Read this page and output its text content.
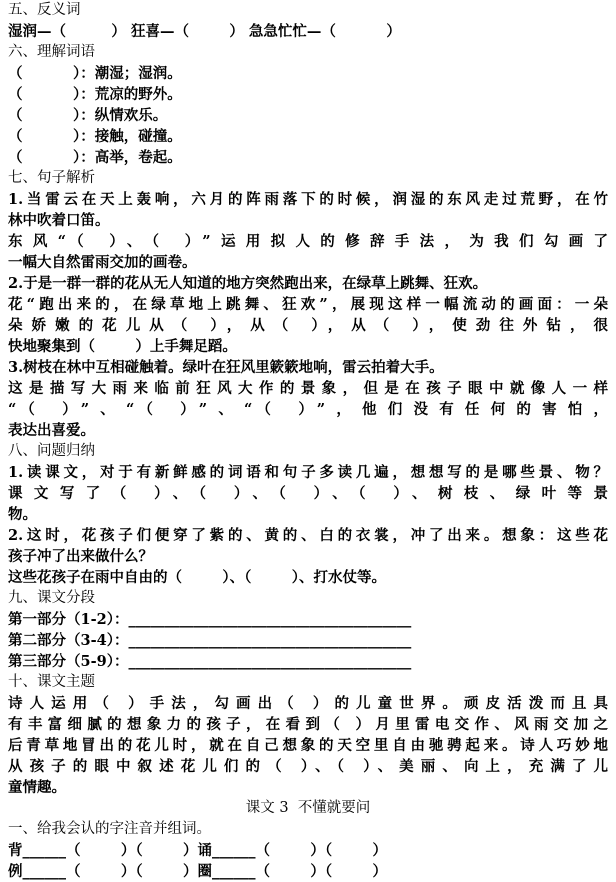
五、反义词
湿润—（         ） 狂喜—（        ） 急急忙忙—（          ）
六、理解词语
（          ）：潮湿；湿润。
（          ）：荒凉的野外。
（          ）：纵情欢乐。
（          ）：接触，碰撞。
（          ）：高举，卷起。
七、句子解析
1.当雷云在天上轰响，六月的阵雨落下的时候，润湿的东风走过荒野，在竹
林中吹着口笛。
东风“（ ）、（ ）”运用拟人的修辞手法，为我们勾画了
一幅大自然雷雨交加的画卷。
2.于是一群一群的花从无人知道的地方突然跑出来，在绿草上跳舞、狂欢。
花“跑出来的，在绿草地上跳舞、狂欢”，展现这样一幅流动的画面：一朵
朵娇嫩的花儿从（ ），从（ ），从（ ），使劲往外钻，很
快地聚集到（        ）上手舞足蹈。
3.树枝在林中互相碰触着。绿叶在狂风里簌簌地响，雷云拍着大手。
这是描写大雨来临前狂风大作的景象，但是在孩子眼中就像人一样
“（ ）”、“（ ）”、“（ ）”，他们没有任何的害怕，
表达出喜爱。
八、问题归纳
1.读课文，对于有新鲜感的词语和句子多读几遍，想想写的是哪些景、物？
课文写了（ ）、（ ）、（ ）、（ ）、树枝、绿叶等景
物。
2.这时，花孩子们便穿了紫的、黄的、白的衣裳，冲了出来。想象：这些花
孩子冲了出来做什么？
这些花孩子在雨中自由的（        ）、（        ）、打水仗等。
九、课文分段
第一部分（1-2）：_______________________________________
第二部分（3-4）：_______________________________________
第三部分（5-9）：_______________________________________
十、课文主题
诗人运用（ ）手法，勾画出（ ）的儿童世界。顽皮活泼而且具
有丰富细腻的想象力的孩子，在看到（ ）月里雷电交作、风雨交加之
后青草地冒出的花儿时，就在自己想象的天空里自由驰骋起来。诗人巧妙地
从孩子的眼中叙述花儿们的（ ）、（ ）、美丽、向上，充满了儿
童情趣。
课文 3  不懂就要问
一、给我会认的字注音并组词。
背______（        ）（        ）诵______（        ）（        ）
例______（        ）（        ）圈______（        ）（        ）
